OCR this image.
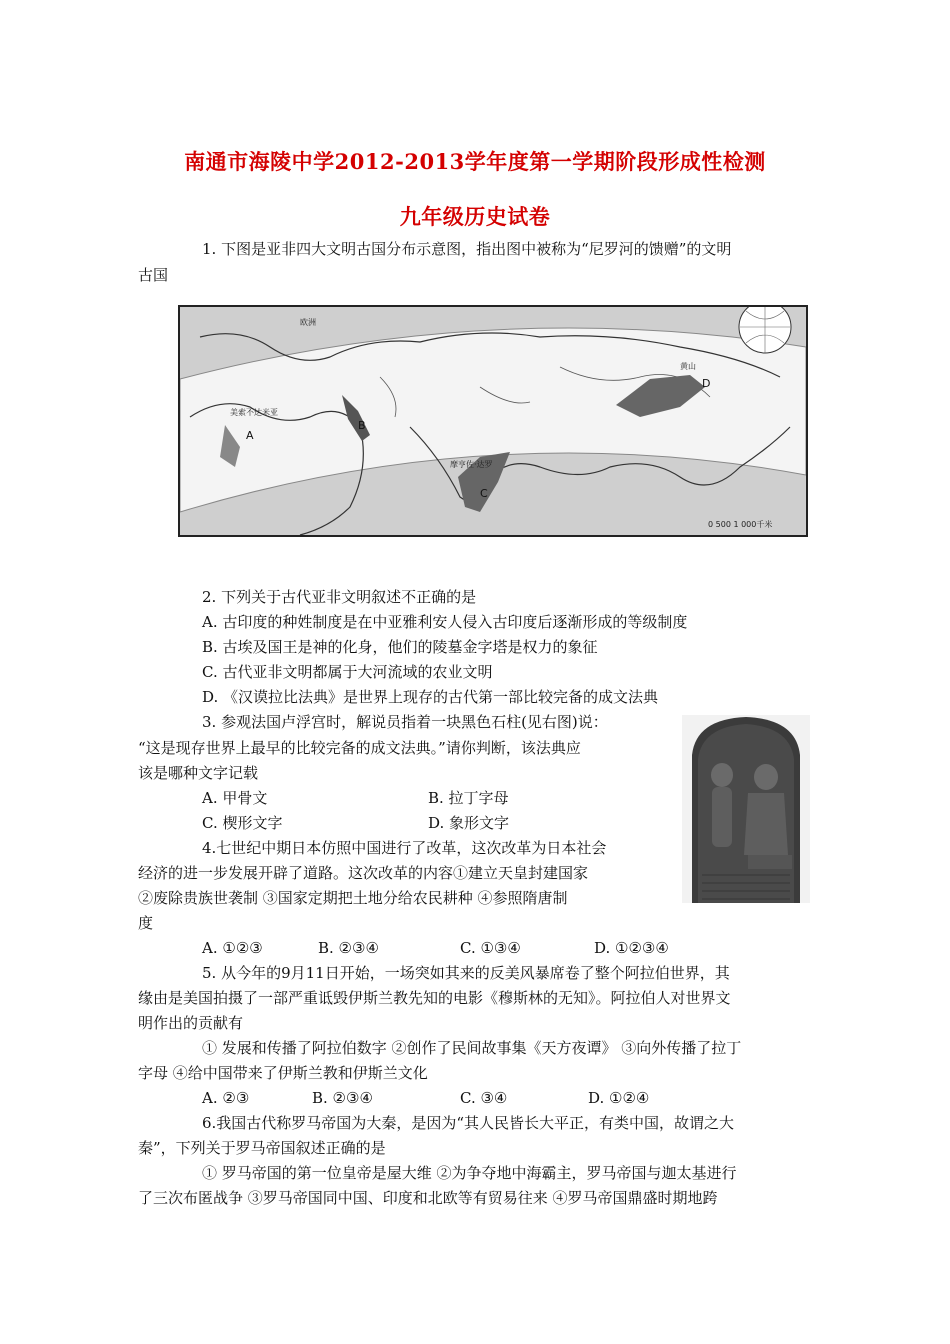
南通市海陵中学2012-2013学年度第一学期阶段形成性检测
九年级历史试卷
1. 下图是亚非四大文明古国分布示意图，指出图中被称为“尼罗河的馈赠”的文明
古国
A
B
C
D
欧洲
美索不达米亚
摩亨佐·达罗
黄山
0 500 1 000千米
2. 下列关于古代亚非文明叙述不正确的是
A. 古印度的种姓制度是在中亚雅利安人侵入古印度后逐渐形成的等级制度
B. 古埃及国王是神的化身，他们的陵墓金字塔是权力的象征
C. 古代亚非文明都属于大河流域的农业文明
D. 《汉谟拉比法典》是世界上现存的古代第一部比较完备的成文法典
3. 参观法国卢浮宫时，解说员指着一块黑色石柱(见右图)说：
“这是现存世界上最早的比较完备的成文法典。”请你判断，该法典应
该是哪种文字记载
A. 甲骨文	B. 拉丁字母
C. 楔形文字	D. 象形文字
4.七世纪中期日本仿照中国进行了改革，这次改革为日本社会
经济的进一步发展开辟了道路。这次改革的内容①建立天皇封建国家
②废除贵族世袭制 ③国家定期把土地分给农民耕种 ④参照隋唐制
度
A. ①②③	B. ②③④	C. ①③④	D. ①②③④
5. 从今年的9月11日开始，一场突如其来的反美风暴席卷了整个阿拉伯世界，其
缘由是美国拍摄了一部严重诋毁伊斯兰教先知的电影《穆斯林的无知》。阿拉伯人对世界文
明作出的贡献有
① 发展和传播了阿拉伯数字 ②创作了民间故事集《天方夜谭》 ③向外传播了拉丁
字母 ④给中国带来了伊斯兰教和伊斯兰文化
A. ②③	B. ②③④	C. ③④	D. ①②④
6.我国古代称罗马帝国为大秦，是因为“其人民皆长大平正，有类中国，故谓之大
秦”，下列关于罗马帝国叙述正确的是
① 罗马帝国的第一位皇帝是屋大维 ②为争夺地中海霸主，罗马帝国与迦太基进行
了三次布匿战争 ③罗马帝国同中国、印度和北欧等有贸易往来 ④罗马帝国鼎盛时期地跨
